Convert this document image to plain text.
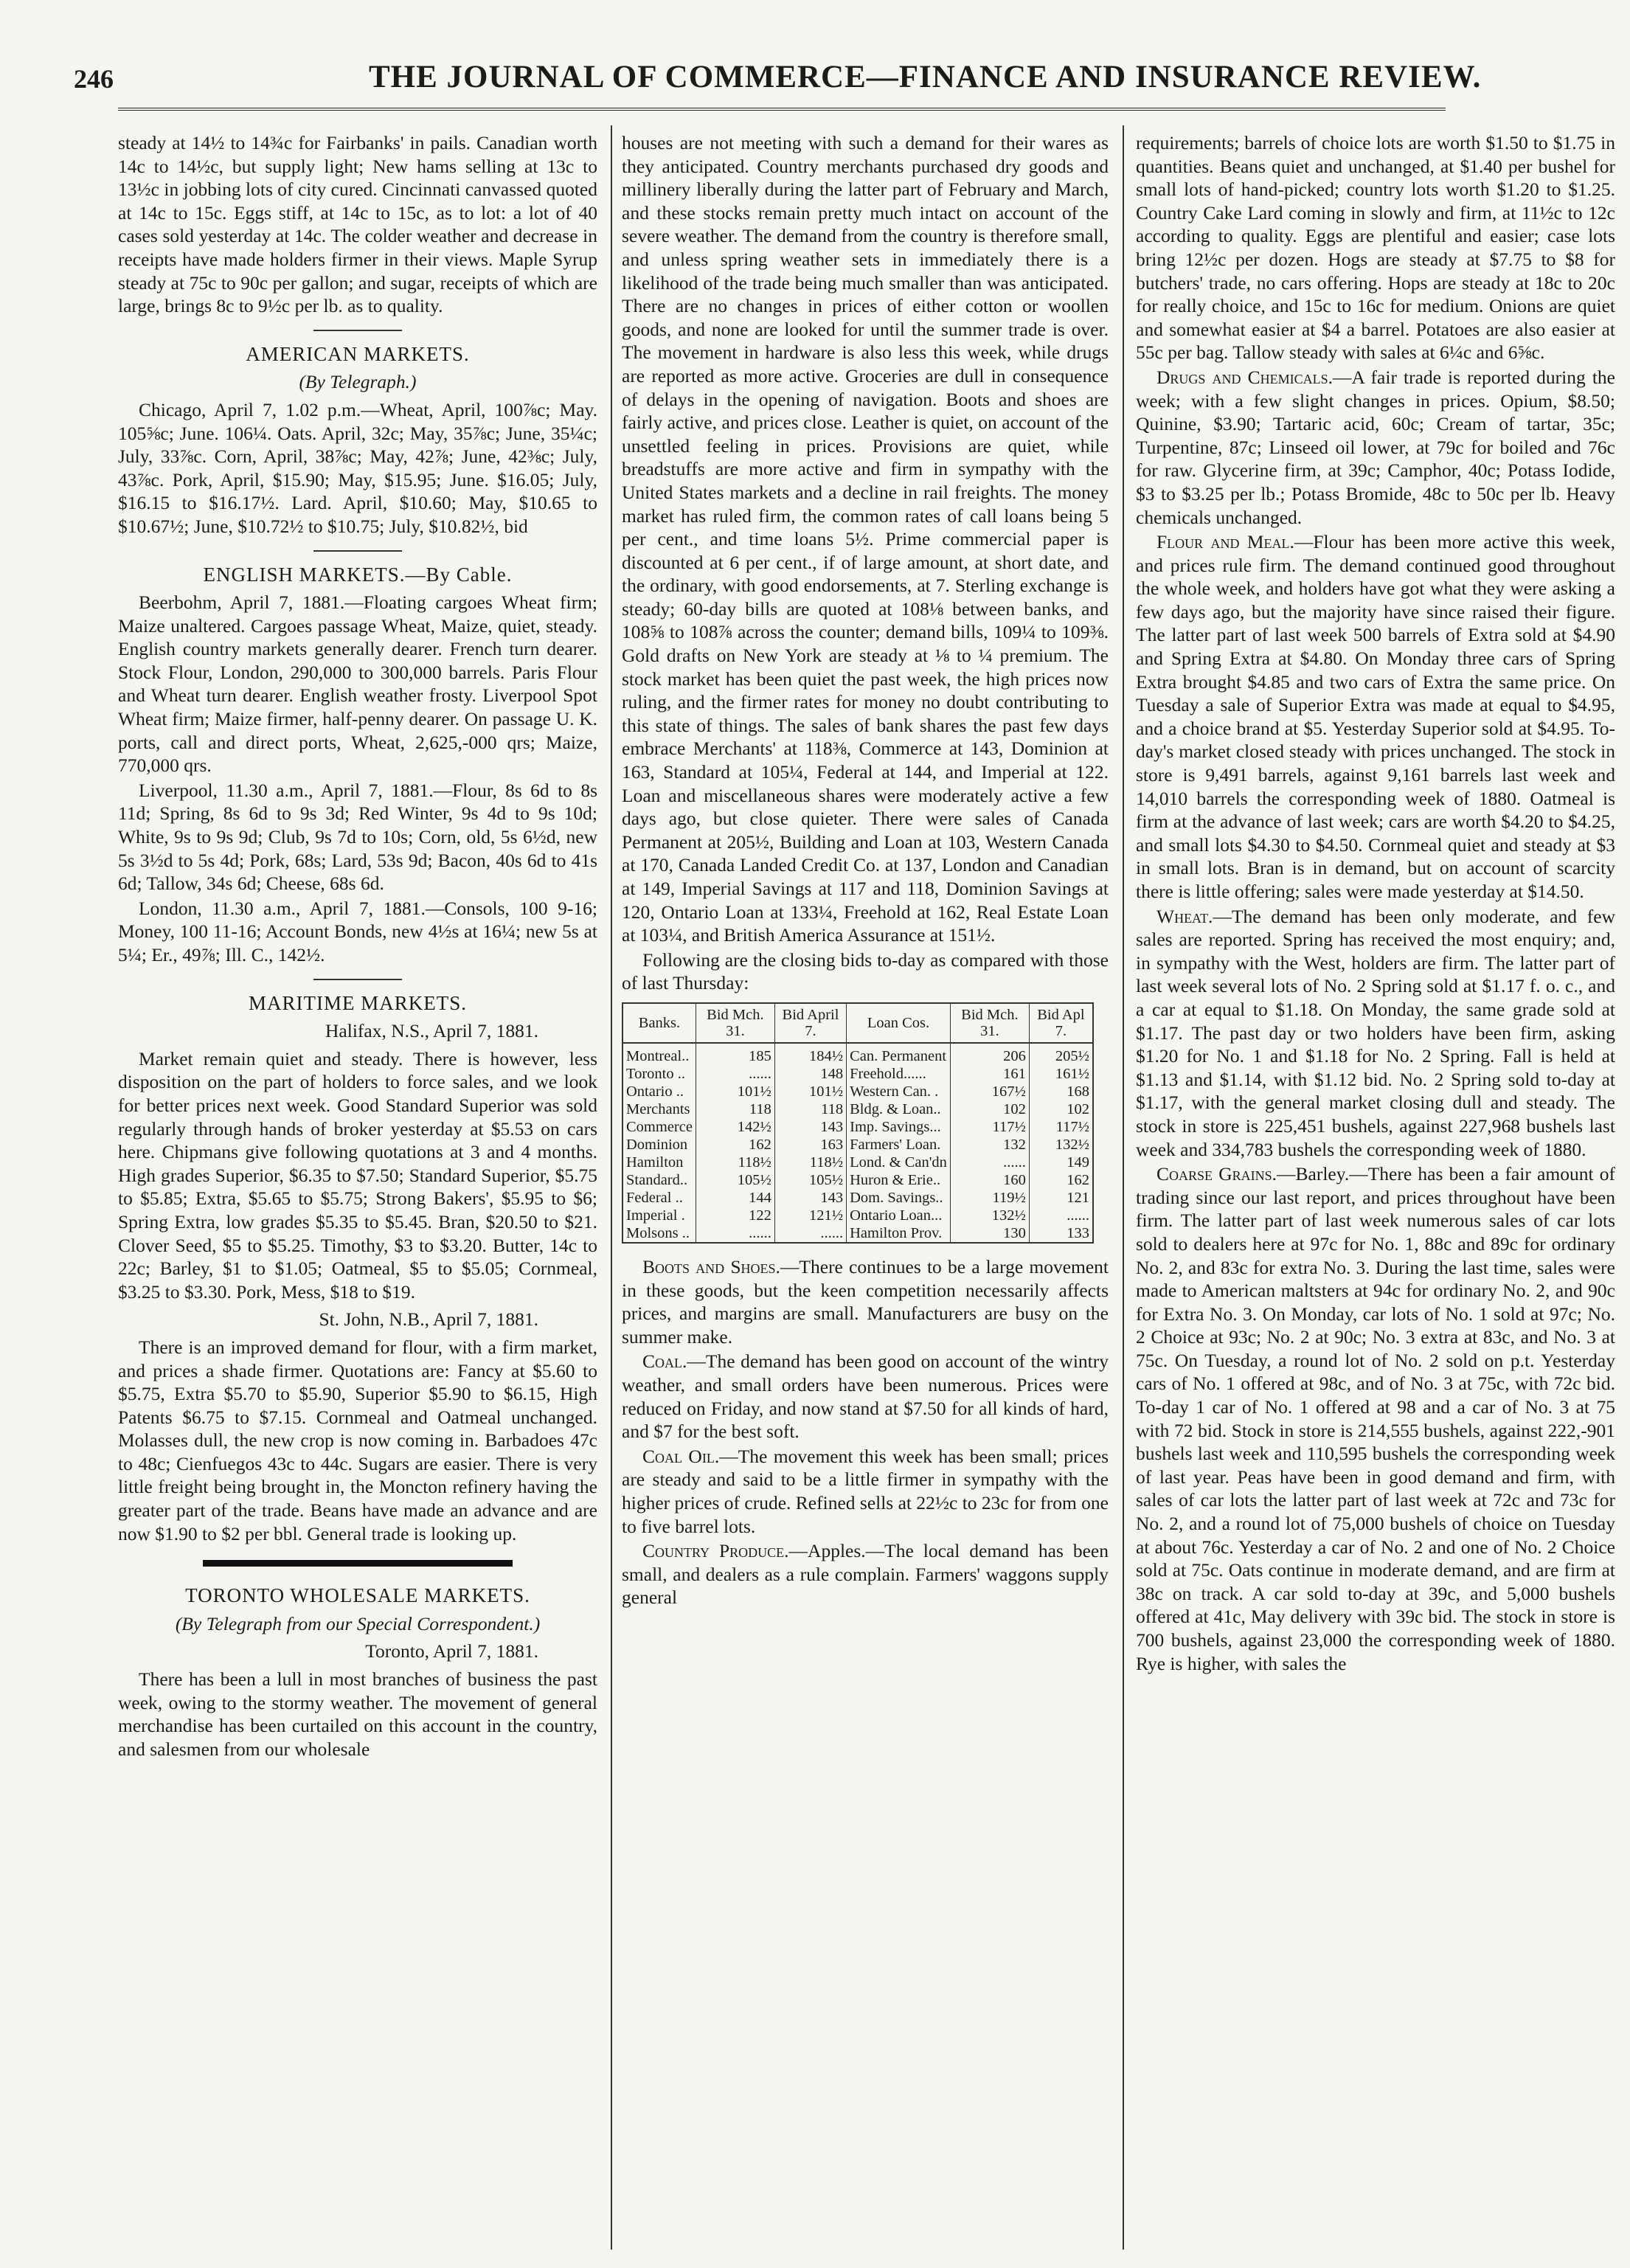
246	THE JOURNAL OF COMMERCE—FINANCE AND INSURANCE REVIEW.

steady at 14½ to 14¾c for Fairbanks' in pails. Canadian worth 14c to 14½c, but supply light; New hams selling at 13c to 13½c in jobbing lots of city cured. Cincinnati canvassed quoted at 14c to 15c. Eggs stiff, at 14c to 15c, as to lot: a lot of 40 cases sold yesterday at 14c. The colder weather and decrease in receipts have made holders firmer in their views. Maple Syrup steady at 75c to 90c per gallon; and sugar, receipts of which are large, brings 8c to 9½c per lb. as to quality.

AMERICAN MARKETS.

(By Telegraph.)

Chicago, April 7, 1.02 p.m.—Wheat, April, 100⅞c; May. 105⅝c; June. 106¼. Oats. April, 32c; May, 35⅞c; June, 35¼c; July, 33⅞c. Corn, April, 38⅞c; May, 42⅞; June, 42⅜c; July, 43⅞c. Pork, April, $15.90; May, $15.95; June. $16.05; July, $16.15 to $16.17½. Lard. April, $10.60; May, $10.65 to $10.67½; June, $10.72½ to $10.75; July, $10.82½, bid

ENGLISH MARKETS.—By Cable.

Beerbohm, April 7, 1881.—Floating cargoes Wheat firm; Maize unaltered. Cargoes passage Wheat, Maize, quiet, steady. English country markets generally dearer. French turn dearer. Stock Flour, London, 290,000 to 300,000 barrels. Paris Flour and Wheat turn dearer. English weather frosty. Liverpool Spot Wheat firm; Maize firmer, half-penny dearer. On passage U. K. ports, call and direct ports, Wheat, 2,625,-000 qrs; Maize, 770,000 qrs.

Liverpool, 11.30 a.m., April 7, 1881.—Flour, 8s 6d to 8s 11d; Spring, 8s 6d to 9s 3d; Red Winter, 9s 4d to 9s 10d; White, 9s to 9s 9d; Club, 9s 7d to 10s; Corn, old, 5s 6½d, new 5s 3½d to 5s 4d; Pork, 68s; Lard, 53s 9d; Bacon, 40s 6d to 41s 6d; Tallow, 34s 6d; Cheese, 68s 6d.

London, 11.30 a.m., April 7, 1881.—Consols, 100 9-16; Money, 100 11-16; Account Bonds, new 4½s at 16¼; new 5s at 5¼; Er., 49⅞; Ill. C., 142½.

MARITIME MARKETS.

Halifax, N.S., April 7, 1881.

Market remain quiet and steady. There is however, less disposition on the part of holders to force sales, and we look for better prices next week. Good Standard Superior was sold regularly through hands of broker yesterday at $5.53 on cars here. Chipmans give following quotations at 3 and 4 months. High grades Superior, $6.35 to $7.50; Standard Superior, $5.75 to $5.85; Extra, $5.65 to $5.75; Strong Bakers', $5.95 to $6; Spring Extra, low grades $5.35 to $5.45. Bran, $20.50 to $21. Clover Seed, $5 to $5.25. Timothy, $3 to $3.20. Butter, 14c to 22c; Barley, $1 to $1.05; Oatmeal, $5 to $5.05; Cornmeal, $3.25 to $3.30. Pork, Mess, $18 to $19.

St. John, N.B., April 7, 1881.

There is an improved demand for flour, with a firm market, and prices a shade firmer. Quotations are: Fancy at $5.60 to $5.75, Extra $5.70 to $5.90, Superior $5.90 to $6.15, High Patents $6.75 to $7.15. Cornmeal and Oatmeal unchanged. Molasses dull, the new crop is now coming in. Barbadoes 47c to 48c; Cienfuegos 43c to 44c. Sugars are easier. There is very little freight being brought in, the Moncton refinery having the greater part of the trade. Beans have made an advance and are now $1.90 to $2 per bbl. General trade is looking up.

TORONTO WHOLESALE MARKETS.

(By Telegraph from our Special Correspondent.)

Toronto, April 7, 1881.

There has been a lull in most branches of business the past week, owing to the stormy weather. The movement of general merchandise has been curtailed on this account in the country, and salesmen from our wholesale

houses are not meeting with such a demand for their wares as they anticipated. Country merchants purchased dry goods and millinery liberally during the latter part of February and March, and these stocks remain pretty much intact on account of the severe weather. The demand from the country is therefore small, and unless spring weather sets in immediately there is a likelihood of the trade being much smaller than was anticipated. There are no changes in prices of either cotton or woollen goods, and none are looked for until the summer trade is over. The movement in hardware is also less this week, while drugs are reported as more active. Groceries are dull in consequence of delays in the opening of navigation. Boots and shoes are fairly active, and prices close. Leather is quiet, on account of the unsettled feeling in prices. Provisions are quiet, while breadstuffs are more active and firm in sympathy with the United States markets and a decline in rail freights. The money market has ruled firm, the common rates of call loans being 5 per cent., and time loans 5½. Prime commercial paper is discounted at 6 per cent., if of large amount, at short date, and the ordinary, with good endorsements, at 7. Sterling exchange is steady; 60-day bills are quoted at 108⅛ between banks, and 108⅝ to 108⅞ across the counter; demand bills, 109¼ to 109⅜. Gold drafts on New York are steady at ⅛ to ¼ premium. The stock market has been quiet the past week, the high prices now ruling, and the firmer rates for money no doubt contributing to this state of things. The sales of bank shares the past few days embrace Merchants' at 118⅜, Commerce at 143, Dominion at 163, Standard at 105¼, Federal at 144, and Imperial at 122. Loan and miscellaneous shares were moderately active a few days ago, but close quieter. There were sales of Canada Permanent at 205½, Building and Loan at 103, Western Canada at 170, Canada Landed Credit Co. at 137, London and Canadian at 149, Imperial Savings at 117 and 118, Dominion Savings at 120, Ontario Loan at 133¼, Freehold at 162, Real Estate Loan at 103¼, and British America Assurance at 151½.

Following are the closing bids to-day as compared with those of last Thursday:

Banks.	Bid Mch. 31.	Bid April 7.	Loan Cos.	Bid Mch. 31.	Bid Apl 7.
Montreal..	185	184½	Can. Permanent	206	205½
Toronto ..	......	148	Freehold......	161	161½
Ontario ..	101½	101½	Western Can. .	167½	168
Merchants	118	118	Bldg. & Loan..	102	102
Commerce	142½	143	Imp. Savings...	117½	117½
Dominion	162	163	Farmers' Loan.	132	132½
Hamilton	118½	118½	Lond. & Can'dn	......	149
Standard..	105½	105½	Huron & Erie..	160	162
Federal ..	144	143	Dom. Savings..	119½	121
Imperial .	122	121½	Ontario Loan...	132½	......
Molsons ..	......	......	Hamilton Prov.	130	133

Boots and Shoes.—There continues to be a large movement in these goods, but the keen competition necessarily affects prices, and margins are small. Manufacturers are busy on the summer make.

Coal.—The demand has been good on account of the wintry weather, and small orders have been numerous. Prices were reduced on Friday, and now stand at $7.50 for all kinds of hard, and $7 for the best soft.

Coal Oil.—The movement this week has been small; prices are steady and said to be a little firmer in sympathy with the higher prices of crude. Refined sells at 22½c to 23c for from one to five barrel lots.

Country Produce.—Apples.—The local demand has been small, and dealers as a rule complain. Farmers' waggons supply general

requirements; barrels of choice lots are worth $1.50 to $1.75 in quantities. Beans quiet and unchanged, at $1.40 per bushel for small lots of hand-picked; country lots worth $1.20 to $1.25. Country Cake Lard coming in slowly and firm, at 11½c to 12c according to quality. Eggs are plentiful and easier; case lots bring 12½c per dozen. Hogs are steady at $7.75 to $8 for butchers' trade, no cars offering. Hops are steady at 18c to 20c for really choice, and 15c to 16c for medium. Onions are quiet and somewhat easier at $4 a barrel. Potatoes are also easier at 55c per bag. Tallow steady with sales at 6¼c and 6⅝c.

Drugs and Chemicals.—A fair trade is reported during the week; with a few slight changes in prices. Opium, $8.50; Quinine, $3.90; Tartaric acid, 60c; Cream of tartar, 35c; Turpentine, 87c; Linseed oil lower, at 79c for boiled and 76c for raw. Glycerine firm, at 39c; Camphor, 40c; Potass Iodide, $3 to $3.25 per lb.; Potass Bromide, 48c to 50c per lb. Heavy chemicals unchanged.

Flour and Meal.—Flour has been more active this week, and prices rule firm. The demand continued good throughout the whole week, and holders have got what they were asking a few days ago, but the majority have since raised their figure. The latter part of last week 500 barrels of Extra sold at $4.90 and Spring Extra at $4.80. On Monday three cars of Spring Extra brought $4.85 and two cars of Extra the same price. On Tuesday a sale of Superior Extra was made at equal to $4.95, and a choice brand at $5. Yesterday Superior sold at $4.95. To-day's market closed steady with prices unchanged. The stock in store is 9,491 barrels, against 9,161 barrels last week and 14,010 barrels the corresponding week of 1880. Oatmeal is firm at the advance of last week; cars are worth $4.20 to $4.25, and small lots $4.30 to $4.50. Cornmeal quiet and steady at $3 in small lots. Bran is in demand, but on account of scarcity there is little offering; sales were made yesterday at $14.50.

Wheat.—The demand has been only moderate, and few sales are reported. Spring has received the most enquiry; and, in sympathy with the West, holders are firm. The latter part of last week several lots of No. 2 Spring sold at $1.17 f. o. c., and a car at equal to $1.18. On Monday, the same grade sold at $1.17. The past day or two holders have been firm, asking $1.20 for No. 1 and $1.18 for No. 2 Spring. Fall is held at $1.13 and $1.14, with $1.12 bid. No. 2 Spring sold to-day at $1.17, with the general market closing dull and steady. The stock in store is 225,451 bushels, against 227,968 bushels last week and 334,783 bushels the corresponding week of 1880.

Coarse Grains.—Barley.—There has been a fair amount of trading since our last report, and prices throughout have been firm. The latter part of last week numerous sales of car lots sold to dealers here at 97c for No. 1, 88c and 89c for ordinary No. 2, and 83c for extra No. 3. During the last time, sales were made to American maltsters at 94c for ordinary No. 2, and 90c for Extra No. 3. On Monday, car lots of No. 1 sold at 97c; No. 2 Choice at 93c; No. 2 at 90c; No. 3 extra at 83c, and No. 3 at 75c. On Tuesday, a round lot of No. 2 sold on p.t. Yesterday cars of No. 1 offered at 98c, and of No. 3 at 75c, with 72c bid. To-day 1 car of No. 1 offered at 98 and a car of No. 3 at 75 with 72 bid. Stock in store is 214,555 bushels, against 222,-901 bushels last week and 110,595 bushels the corresponding week of last year. Peas have been in good demand and firm, with sales of car lots the latter part of last week at 72c and 73c for No. 2, and a round lot of 75,000 bushels of choice on Tuesday at about 76c. Yesterday a car of No. 2 and one of No. 2 Choice sold at 75c. Oats continue in moderate demand, and are firm at 38c on track. A car sold to-day at 39c, and 5,000 bushels offered at 41c, May delivery with 39c bid. The stock in store is 700 bushels, against 23,000 the corresponding week of 1880. Rye is higher, with sales the
